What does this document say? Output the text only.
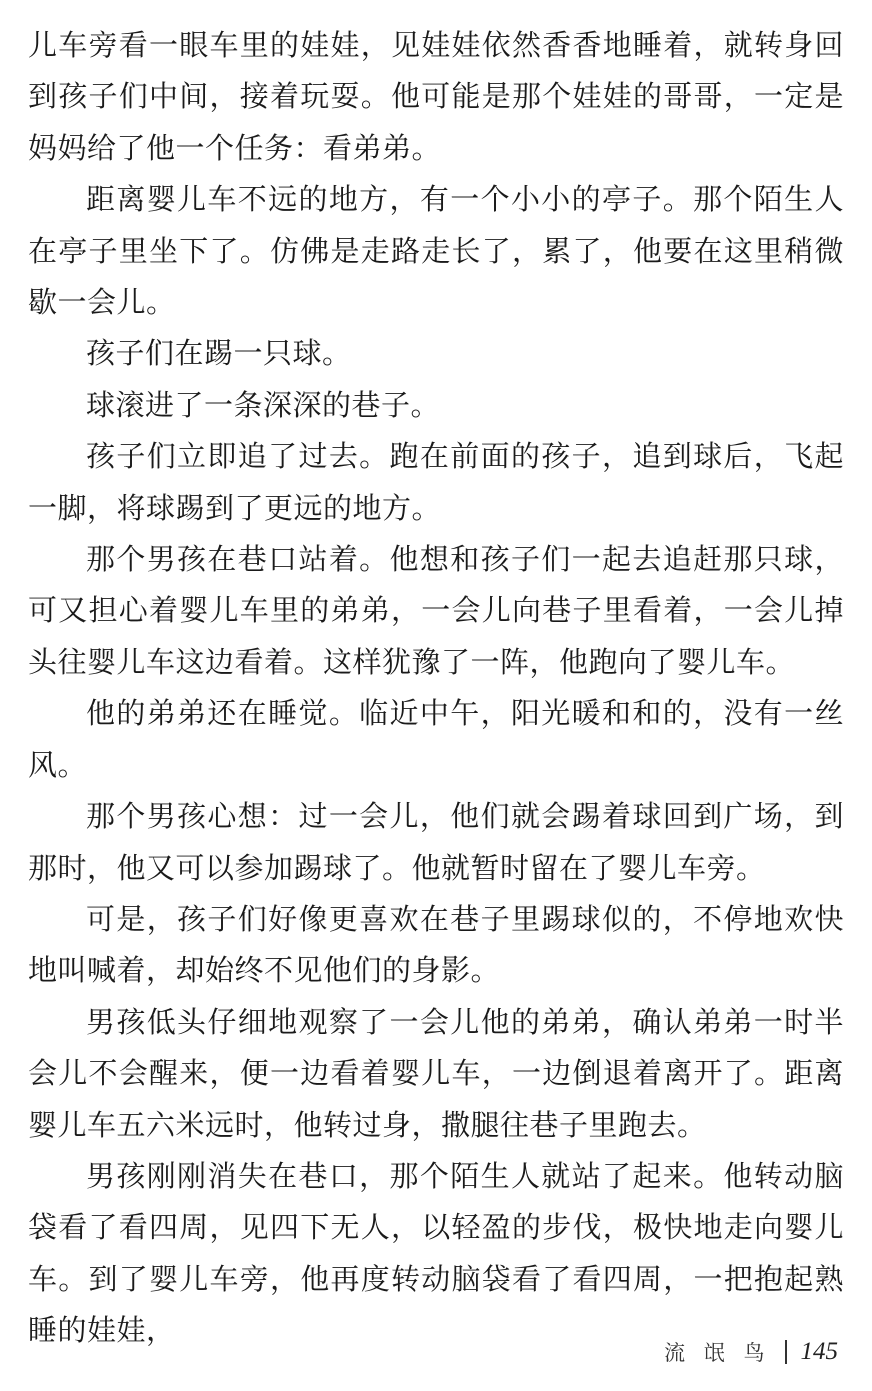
儿车旁看一眼车里的娃娃，见娃娃依然香香地睡着，就转身回到孩子们中间，接着玩耍。他可能是那个娃娃的哥哥，一定是妈妈给了他一个任务：看弟弟。

距离婴儿车不远的地方，有一个小小的亭子。那个陌生人在亭子里坐下了。仿佛是走路走长了，累了，他要在这里稍微歇一会儿。

孩子们在踢一只球。

球滚进了一条深深的巷子。

孩子们立即追了过去。跑在前面的孩子，追到球后，飞起一脚，将球踢到了更远的地方。

那个男孩在巷口站着。他想和孩子们一起去追赶那只球，可又担心着婴儿车里的弟弟，一会儿向巷子里看着，一会儿掉头往婴儿车这边看着。这样犹豫了一阵，他跑向了婴儿车。

他的弟弟还在睡觉。临近中午，阳光暖和和的，没有一丝风。

那个男孩心想：过一会儿，他们就会踢着球回到广场，到那时，他又可以参加踢球了。他就暂时留在了婴儿车旁。

可是，孩子们好像更喜欢在巷子里踢球似的，不停地欢快地叫喊着，却始终不见他们的身影。

男孩低头仔细地观察了一会儿他的弟弟，确认弟弟一时半会儿不会醒来，便一边看着婴儿车，一边倒退着离开了。距离婴儿车五六米远时，他转过身，撒腿往巷子里跑去。

男孩刚刚消失在巷口，那个陌生人就站了起来。他转动脑袋看了看四周，见四下无人，以轻盈的步伐，极快地走向婴儿车。到了婴儿车旁，他再度转动脑袋看了看四周，一把抱起熟睡的娃娃，

流 氓 鸟 145
